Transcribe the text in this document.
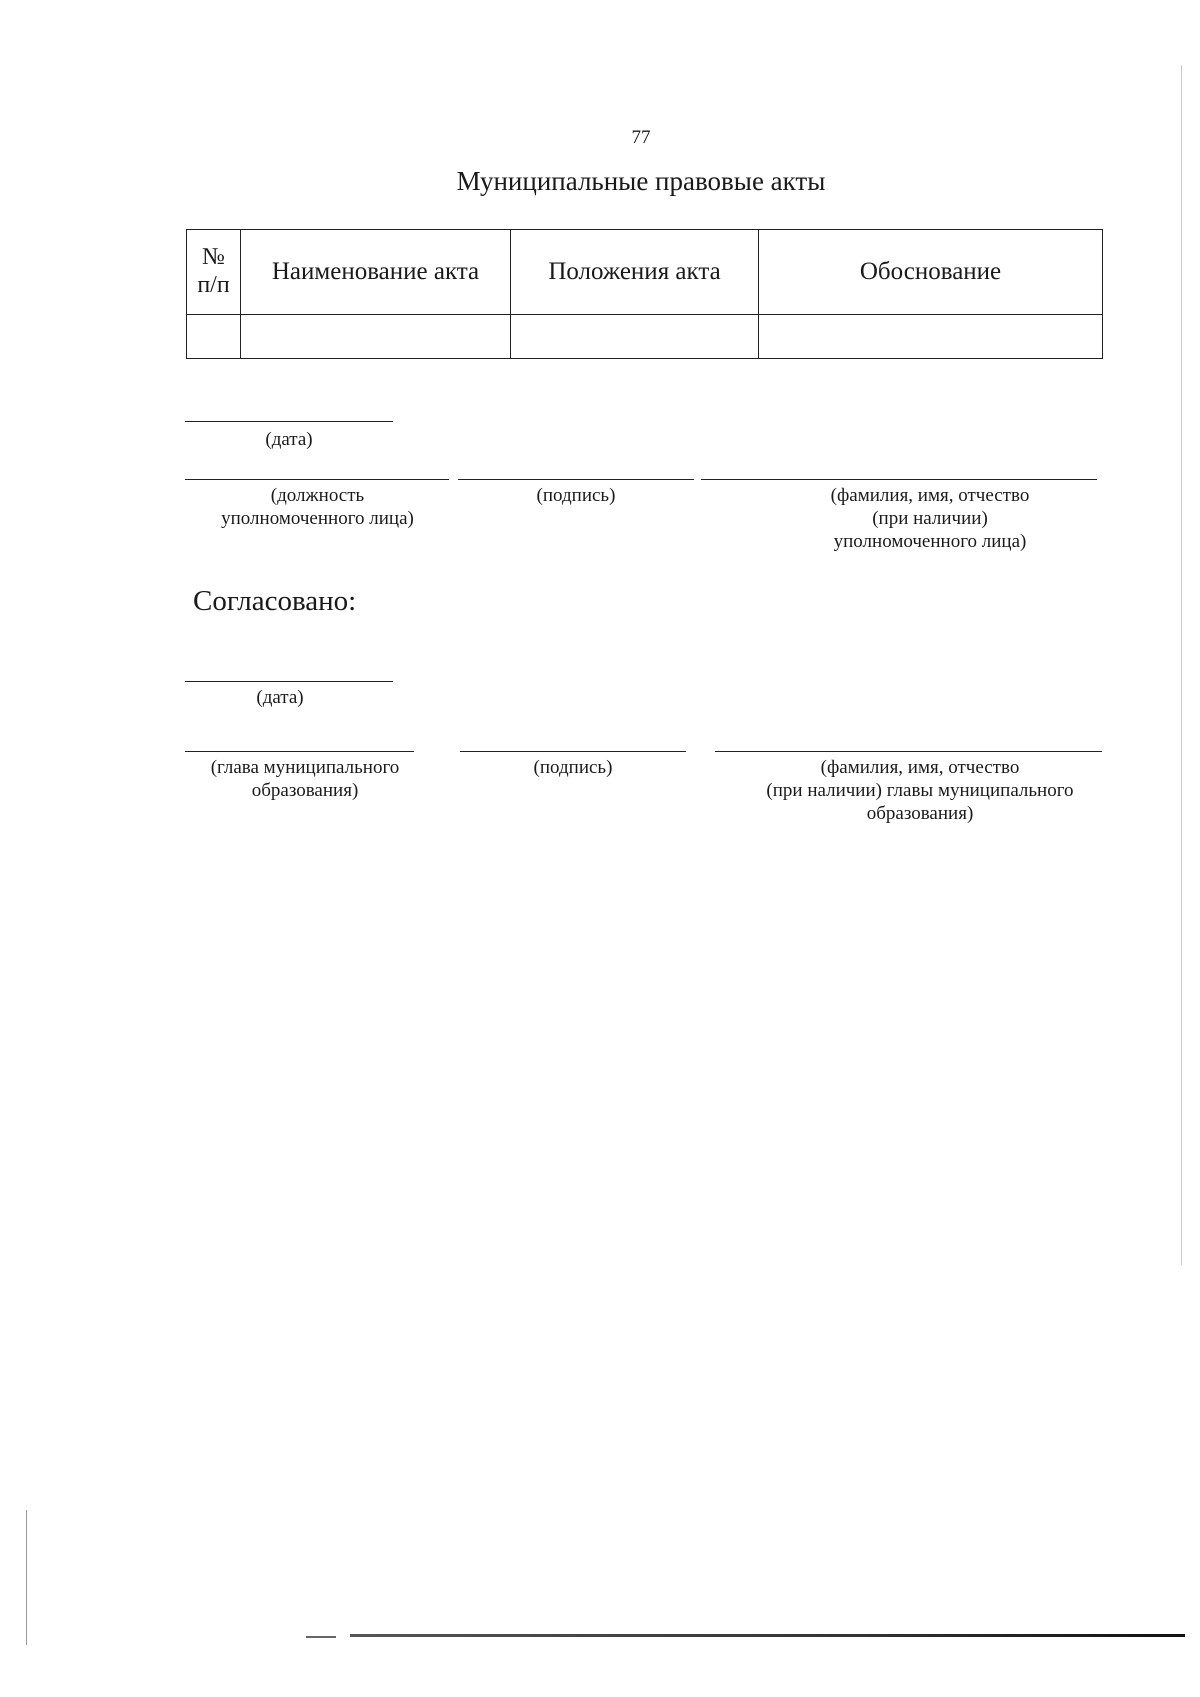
77
Муниципальные правовые акты
№
п/п	Наименование акта	Положения акта	Обоснование

(дата)
(должность
уполномоченного лица)
(подпись)	(фамилия, имя, отчество
(при наличии)
уполномоченного лица)
Согласовано:
(дата)
(глава муниципального
образования)
(подпись)	(фамилия, имя, отчество
(при наличии) главы муниципального
образования)
